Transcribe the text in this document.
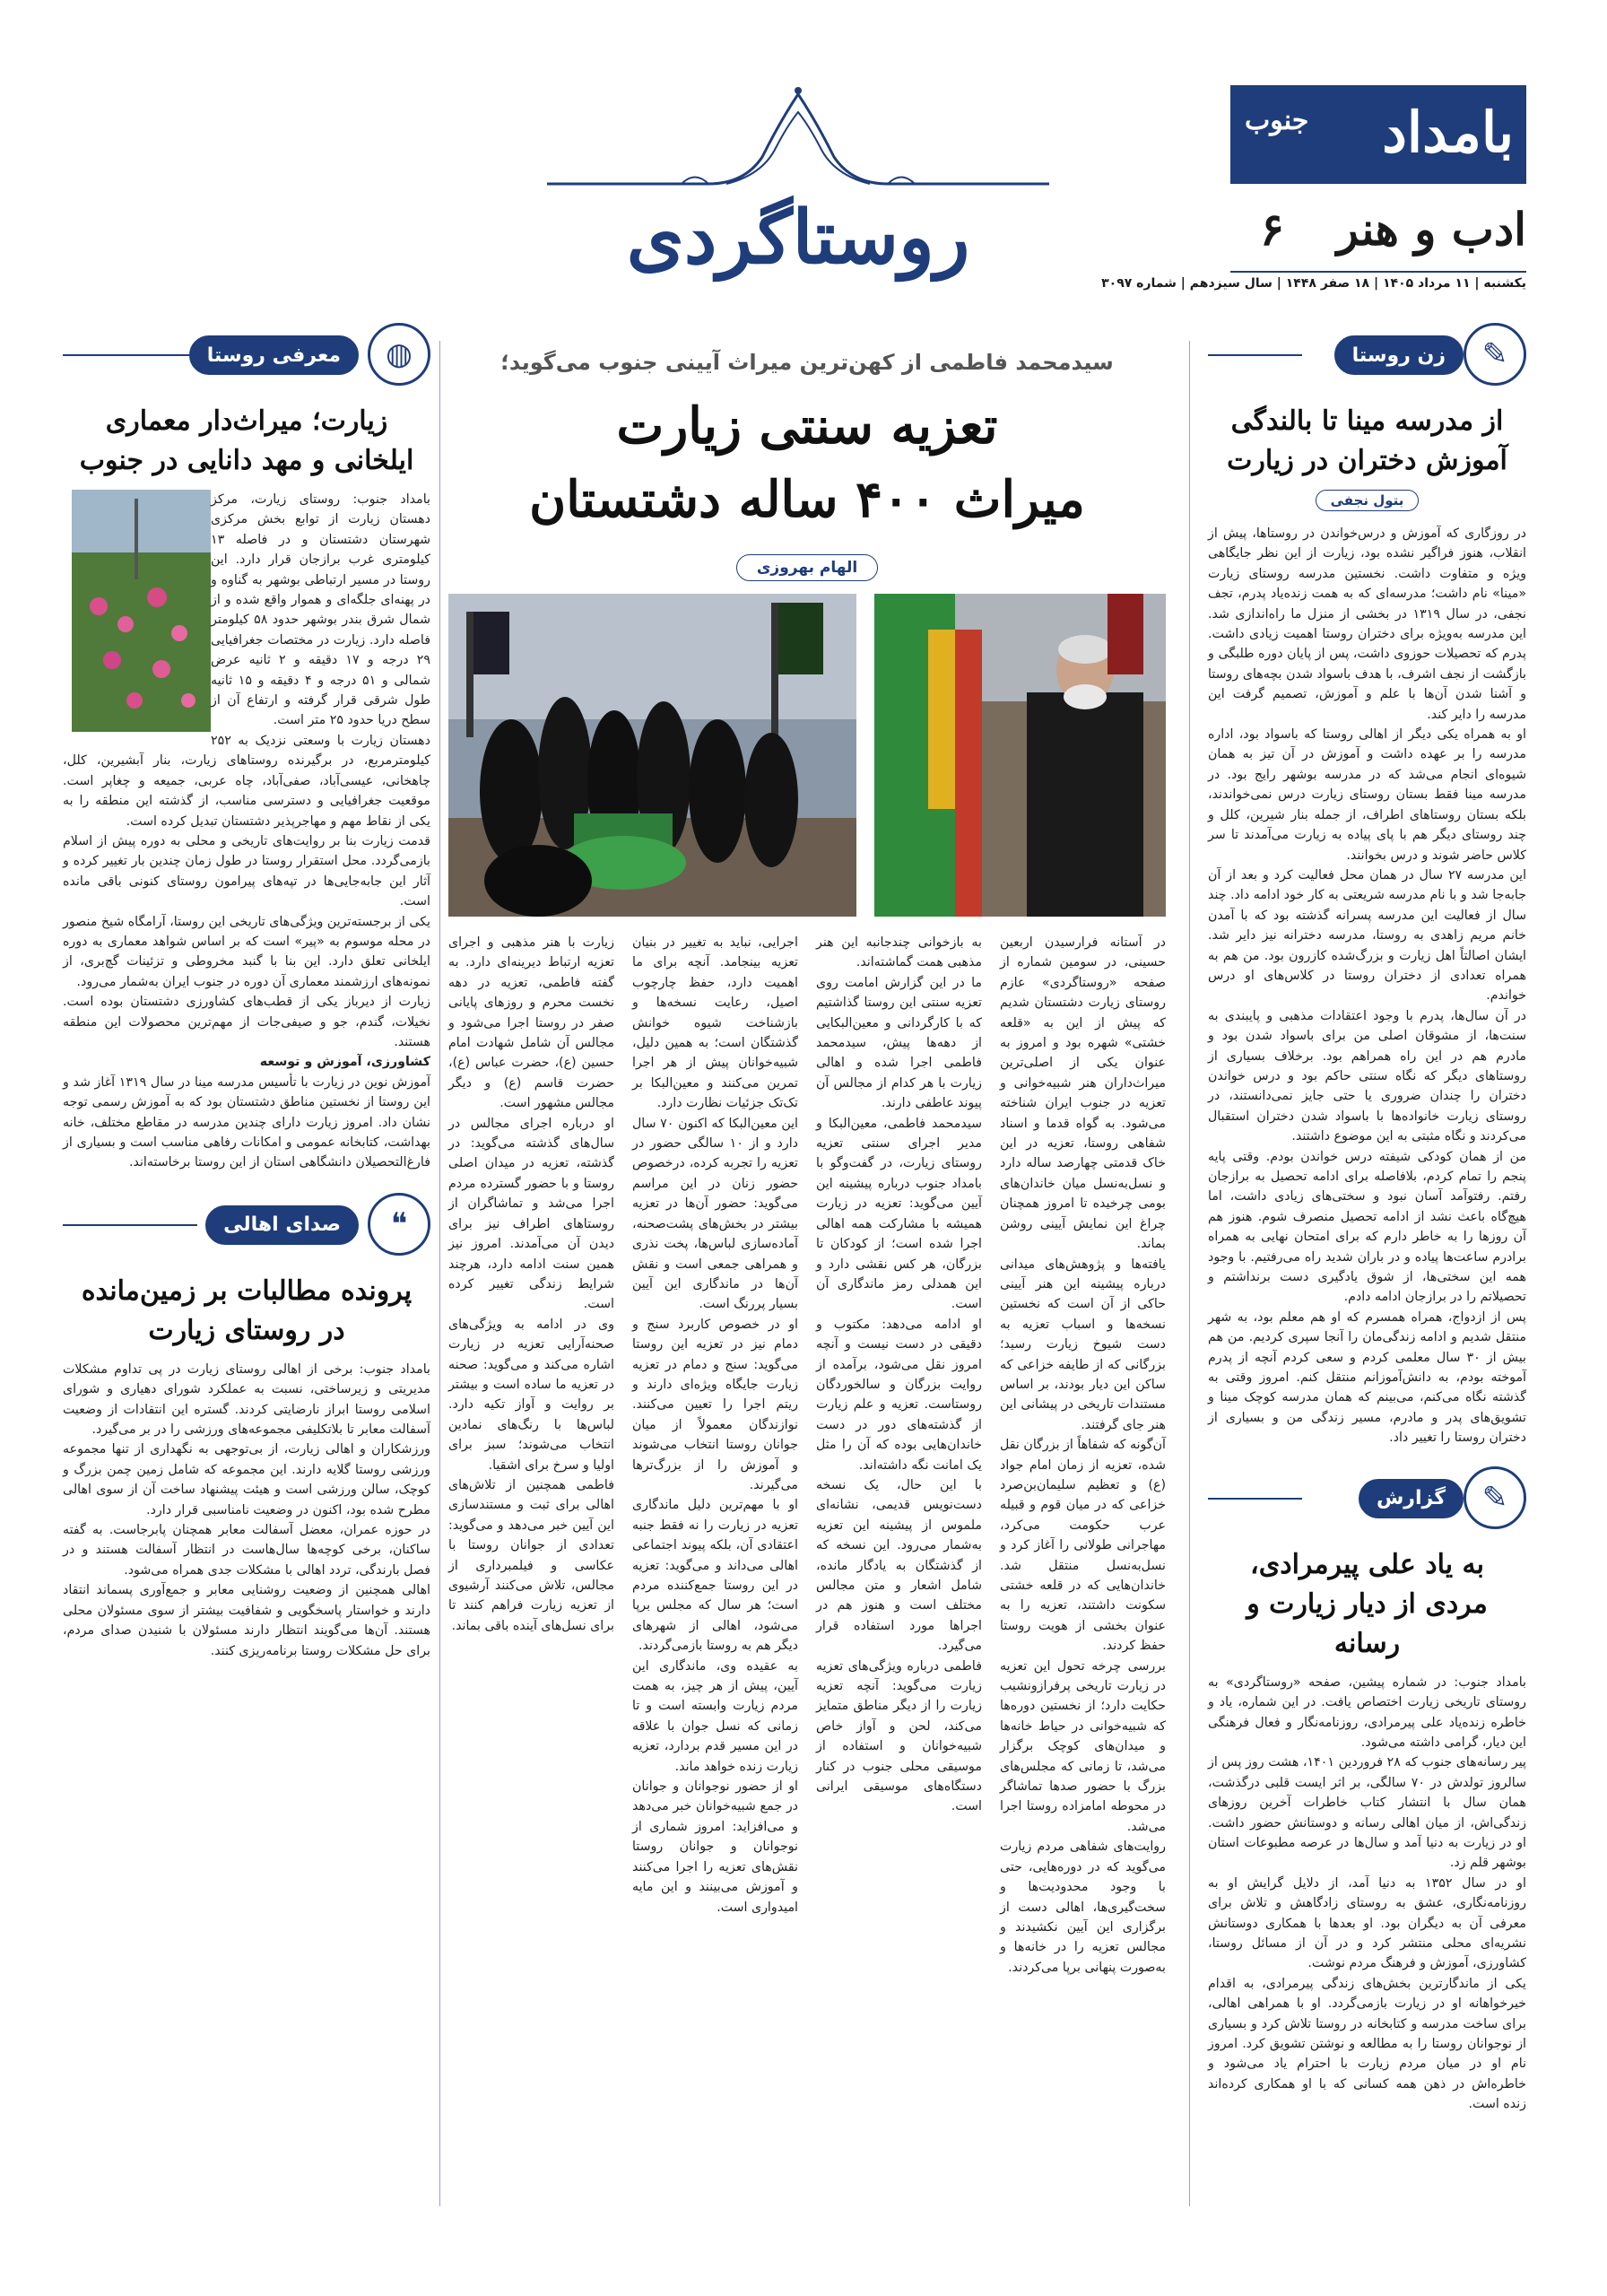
بامداد
جنوب
ادب و هنر
۶
یکشنبه | ۱۱ مرداد ۱۴۰۵ | ۱۸ صفر ۱۴۴۸ | سال سیزدهم | شماره ۳۰۹۷
روستاگردی
زن روستا	✎
از مدرسه مینا تا بالندگی آموزش دختران در زیارت
بتول نجفی

در روزگاری که آموزش و درس‌خواندن در روستاها، پیش از انقلاب، هنوز فراگیر نشده بود، زیارت از این نظر جایگاهی ویژه و متفاوت داشت. نخستین مدرسه روستای زیارت «مینا» نام داشت؛ مدرسه‌ای که به همت زنده‌یاد پدرم، تجف نجفی، در سال ۱۳۱۹ در بخشی از منزل ما راه‌اندازی شد. این مدرسه به‌ویژه برای دختران روستا اهمیت زیادی داشت. پدرم که تحصیلات حوزوی داشت، پس از پایان دوره طلبگی و بازگشت از نجف اشرف، با هدف باسواد شدن بچه‌های روستا و آشنا شدن آن‌ها با علم و آموزش، تصمیم گرفت این مدرسه را دایر کند.

او به همراه یکی دیگر از اهالی روستا که باسواد بود، اداره مدرسه را بر عهده داشت و آموزش در آن تیز به همان شیوه‌ای انجام می‌شد که در مدرسه بوشهر رایج بود. در مدرسه مینا فقط بستان روستای زیارت درس نمی‌خواندند، بلکه بستان روستاهای اطراف، از جمله بنار شیرین، کلل و چند روستای دیگر هم با پای پیاده به زیارت می‌آمدند تا سر کلاس حاضر شوند و درس بخوانند.

این مدرسه ۲۷ سال در همان محل فعالیت کرد و بعد از آن جابه‌جا شد و با نام مدرسه شریعتی به کار خود ادامه داد. چند سال از فعالیت این مدرسه پسرانه گذشته بود که با آمدن خانم مریم زاهدی به روستا، مدرسه دخترانه نیز دایر شد. ایشان اصالتاً اهل زیارت و بزرگ‌شده کازرون بود. من هم به همراه تعدادی از دختران روستا در کلاس‌های او درس خواندم.

در آن سال‌ها، پدرم با وجود اعتقادات مذهبی و پایبندی به سنت‌ها، از مشوقان اصلی من برای باسواد شدن بود و مادرم هم در این راه همراهم بود. برخلاف بسیاری از روستاهای دیگر که نگاه سنتی حاکم بود و درس خواندن دختران را چندان ضروری یا حتی جایز نمی‌دانستند، در روستای زیارت خانواده‌ها با باسواد شدن دختران استقبال می‌کردند و نگاه مثبتی به این موضوع داشتند.

من از همان کودکی شیفته درس خواندن بودم. وقتی پایه پنجم را تمام کردم، بلافاصله برای ادامه تحصیل به برازجان رفتم. رفتوآمد آسان نبود و سختی‌های زیادی داشت، اما هیچ‌گاه باعث نشد از ادامه تحصیل منصرف شوم. هنوز هم آن روزها را به خاطر دارم که برای امتحان نهایی به همراه برادرم ساعت‌ها پیاده و در باران شدید راه می‌رفتیم. با وجود همه این سختی‌ها، از شوق یادگیری دست برنداشتم و تحصیلاتم را در برازجان ادامه دادم.

پس از ازدواج، همراه همسرم که او هم معلم بود، به شهر منتقل شدیم و ادامه زندگی‌مان را آنجا سپری کردیم. من هم بیش از ۳۰ سال معلمی کردم و سعی کردم آنچه از پدرم آموخته بودم، به دانش‌آموزانم منتقل کنم. امروز وقتی به گذشته نگاه می‌کنم، می‌بینم که همان مدرسه کوچک مینا و تشویق‌های پدر و مادرم، مسیر زندگی من و بسیاری از دختران روستا را تغییر داد.

گزارش	✎
به یاد علی پیرمرادی، مردی از دیار زیارت و رسانه

بامداد جنوب: در شماره پیشین، صفحه «روستاگردی» به روستای تاریخی زیارت اختصاص یافت. در این شماره، یاد و خاطره زنده‌یاد علی پیرمرادی، روزنامه‌نگار و فعال فرهنگی این دیار، گرامی داشته می‌شود.

پیر رسانه‌های جنوب که ۲۸ فروردین ۱۴۰۱، هشت روز پس از سالروز تولدش در ۷۰ سالگی، بر اثر ایست قلبی درگذشت، همان سال با انتشار کتاب خاطرات آخرین روزهای زندگی‌اش، از میان اهالی رسانه و دوستانش حضور داشت. او در زیارت به دنیا آمد و سال‌ها در عرصه مطبوعات استان بوشهر قلم زد.

او در سال ۱۳۵۲ به دنیا آمد، از دلایل گرایش او به روزنامه‌نگاری، عشق به روستای زادگاهش و تلاش برای معرفی آن به دیگران بود. او بعدها با همکاری دوستانش نشریه‌ای محلی منتشر کرد و در آن از مسائل روستا، کشاورزی، آموزش و فرهنگ مردم نوشت.

یکی از ماندگارترین بخش‌های زندگی پیرمرادی، به اقدام خیرخواهانه او در زیارت بازمی‌گردد. او با همراهی اهالی، برای ساخت مدرسه و کتابخانه در روستا تلاش کرد و بسیاری از نوجوانان روستا را به مطالعه و نوشتن تشویق کرد. امروز نام او در میان مردم زیارت با احترام یاد می‌شود و خاطره‌اش در ذهن همه کسانی که با او همکاری کرده‌اند زنده است.

سیدمحمد فاطمی از کهن‌ترین میراث آیینی جنوب می‌گوید؛
تعزیه سنتی زیارت
میراث ۴۰۰ ساله دشتستان
الهام بهروزی

در آستانه فرارسیدن اربعین حسینی، در سومین شماره از صفحه «روستاگردی» عازم روستای زیارت دشتستان شدیم که پیش از این به «قلعه خشتی» شهره بود و امروز به عنوان یکی از اصلی‌ترین میراث‌داران هنر شبیه‌خوانی و تعزیه در جنوب ایران شناخته می‌شود. به گواه قدما و اسناد شفاهی روستا، تعزیه در این خاک قدمتی چهارصد ساله دارد و نسل‌به‌نسل میان خاندان‌های بومی چرخیده تا امروز همچنان چراغ این نمایش آیینی روشن بماند.

یافته‌ها و پژوهش‌های میدانی درباره پیشینه این هنر آیینی حاکی از آن است که نخستین نسخه‌ها و اسباب تعزیه به دست شیوخ زیارت رسید؛ بزرگانی که از طایفه خزاعی که ساکن این دیار بودند، بر اساس مستندات تاریخی در پیشانی این هنر جای گرفتند.

آن‌گونه که شفاهاً از بزرگان نقل شده، تعزیه از زمان امام جواد (ع) و تعظیم سلیمان‌بن‌صرد خزاعی که در میان قوم و قبیله عرب حکومت می‌کرد، مهاجرانی طولانی را آغاز کرد و نسل‌به‌نسل منتقل شد. خاندان‌هایی که در قلعه خشتی سکونت داشتند، تعزیه را به عنوان بخشی از هویت روستا حفظ کردند.

بررسی چرخه تحول این تعزیه در زیارت تاریخی پرفرازونشیب حکایت دارد؛ از نخستین دوره‌ها که شبیه‌خوانی در حیاط خانه‌ها و میدان‌های کوچک برگزار می‌شد، تا زمانی که مجلس‌های بزرگ با حضور صدها تماشاگر در محوطه امامزاده روستا اجرا می‌شد.

روایت‌های شفاهی مردم زیارت می‌گوید که در دوره‌هایی، حتی با وجود محدودیت‌ها و سخت‌گیری‌ها، اهالی دست از برگزاری این آیین نکشیدند و مجالس تعزیه را در خانه‌ها و به‌صورت پنهانی برپا می‌کردند.

به بازخوانی چندجانبه این هنر مذهبی همت گماشته‌اند.

ما در این گزارش امامت روی تعزیه سنتی این روستا گذاشتیم که با کارگردانی و معین‌البکایی از دهه‌ها پیش، سیدمحمد فاطمی اجرا شده و اهالی زیارت با هر کدام از مجالس آن پیوند عاطفی دارند.

سیدمحمد فاطمی، معین‌البکا و مدیر اجرای سنتی تعزیه روستای زیارت، در گفت‌وگو با بامداد جنوب درباره پیشینه این آیین می‌گوید: تعزیه در زیارت همیشه با مشارکت همه اهالی اجرا شده است؛ از کودکان تا بزرگان، هر کس نقشی دارد و این همدلی رمز ماندگاری آن است.

او ادامه می‌دهد: مکتوب و دقیقی در دست نیست و آنچه امروز نقل می‌شود، برآمده از روایت بزرگان و سالخوردگان روستاست. تعزیه و علم زیارت از گذشته‌های دور در دست خاندان‌هایی بوده که آن را مثل یک امانت نگه داشته‌اند.

با این حال، یک نسخه دست‌نویس قدیمی، نشانه‌ای ملموس از پیشینه این تعزیه به‌شمار می‌رود. این نسخه که از گذشتگان به یادگار مانده، شامل اشعار و متن مجالس مختلف است و هنوز هم در اجراها مورد استفاده قرار می‌گیرد.

فاطمی درباره ویژگی‌های تعزیه زیارت می‌گوید: آنچه تعزیه زیارت را از دیگر مناطق متمایز می‌کند، لحن و آواز خاص شبیه‌خوانان و استفاده از موسیقی محلی جنوب در کنار دستگاه‌های موسیقی ایرانی است.

اجرایی، نباید به تغییر در بنیان تعزیه بینجامد. آنچه برای ما اهمیت دارد، حفظ چارچوب اصیل، رعایت نسخه‌ها و بازشناخت شیوه خوانش گذشتگان است؛ به همین دلیل، شبیه‌خوانان پیش از هر اجرا تمرین می‌کنند و معین‌البکا بر تک‌تک جزئیات نظارت دارد.

این معین‌البکا که اکنون ۷۰ سال دارد و از ۱۰ سالگی حضور در تعزیه را تجربه کرده، درخصوص حضور زنان در این مراسم می‌گوید: حضور آن‌ها در تعزیه بیشتر در بخش‌های پشت‌صحنه، آماده‌سازی لباس‌ها، پخت نذری و همراهی جمعی است و نقش آن‌ها در ماندگاری این آیین بسیار پررنگ است.

او در خصوص کاربرد سنج و دمام نیز در تعزیه این روستا می‌گوید: سنج و دمام در تعزیه زیارت جایگاه ویژه‌ای دارند و ریتم اجرا را تعیین می‌کنند. نوازندگان معمولاً از میان جوانان روستا انتخاب می‌شوند و آموزش را از بزرگ‌ترها می‌گیرند.

او با مهم‌ترین دلیل ماندگاری تعزیه در زیارت را نه فقط جنبه اعتقادی آن، بلکه پیوند اجتماعی اهالی می‌داند و می‌گوید: تعزیه در این روستا جمع‌کننده مردم است؛ هر سال که مجلس برپا می‌شود، اهالی از شهرهای دیگر هم به روستا بازمی‌گردند.

به عقیده وی، ماندگاری این آیین، پیش از هر چیز، به همت مردم زیارت وابسته است و تا زمانی که نسل جوان با علاقه در این مسیر قدم بردارد، تعزیه زیارت زنده خواهد ماند.

او از حضور نوجوانان و جوانان در جمع شبیه‌خوانان خبر می‌دهد و می‌افزاید: امروز شماری از نوجوانان و جوانان روستا نقش‌های تعزیه را اجرا می‌کنند و آموزش می‌بینند و این مایه امیدواری است.

زیارت با هنر مذهبی و اجرای تعزیه ارتباط دیرینه‌ای دارد. به گفته فاطمی، تعزیه در دهه نخست محرم و روزهای پایانی صفر در روستا اجرا می‌شود و مجالس آن شامل شهادت امام حسین (ع)، حضرت عباس (ع)، حضرت قاسم (ع) و دیگر مجالس مشهور است.

او درباره اجرای مجالس در سال‌های گذشته می‌گوید: در گذشته، تعزیه در میدان اصلی روستا و با حضور گسترده مردم اجرا می‌شد و تماشاگران از روستاهای اطراف نیز برای دیدن آن می‌آمدند. امروز نیز همین سنت ادامه دارد، هرچند شرایط زندگی تغییر کرده است.

وی در ادامه به ویژگی‌های صحنه‌آرایی تعزیه در زیارت اشاره می‌کند و می‌گوید: صحنه در تعزیه ما ساده است و بیشتر بر روایت و آواز تکیه دارد. لباس‌ها با رنگ‌های نمادین انتخاب می‌شوند؛ سبز برای اولیا و سرخ برای اشقیا.

فاطمی همچنین از تلاش‌های اهالی برای ثبت و مستندسازی این آیین خبر می‌دهد و می‌گوید: تعدادی از جوانان روستا با عکاسی و فیلمبرداری از مجالس، تلاش می‌کنند آرشیوی از تعزیه زیارت فراهم کنند تا برای نسل‌های آینده باقی بماند.

معرفی روستا	◍
زیارت؛ میراث‌دار معماری ایلخانی و مهد دانایی در جنوب

بامداد جنوب: روستای زیارت، مرکز دهستان زیارت از توابع بخش مرکزی شهرستان دشتستان و در فاصله ۱۳ کیلومتری غرب برازجان قرار دارد. این روستا در مسیر ارتباطی بوشهر به گناوه و در پهنه‌ای جلگه‌ای و هموار واقع شده و از شمال شرق بندر بوشهر حدود ۵۸ کیلومتر فاصله دارد. زیارت در مختصات جغرافیایی ۲۹ درجه و ۱۷ دقیقه و ۲ ثانیه عرض شمالی و ۵۱ درجه و ۴ دقیقه و ۱۵ ثانیه طول شرقی قرار گرفته و ارتفاع آن از سطح دریا حدود ۲۵ متر است.

دهستان زیارت با وسعتی نزدیک به ۲۵۲ کیلومترمربع، در برگیرنده روستاهای زیارت، بنار آبشیرین، کلل، چاهخانی، عیسی‌آباد، صفی‌آباد، چاه عربی، جمیعه و چغاپر است. موقعیت جغرافیایی و دسترسی مناسب، از گذشته این منطقه را به یکی از نقاط مهم و مهاجرپذیر دشتستان تبدیل کرده است.

قدمت زیارت بنا بر روایت‌های تاریخی و محلی به دوره پیش از اسلام بازمی‌گردد. محل استقرار روستا در طول زمان چندین بار تغییر کرده و آثار این جابه‌جایی‌ها در تپه‌های پیرامون روستای کنونی باقی مانده است.

یکی از برجسته‌ترین ویژگی‌های تاریخی این روستا، آرامگاه شیخ منصور در محله موسوم به «پیر» است که بر اساس شواهد معماری به دوره ایلخانی تعلق دارد. این بنا با گنبد مخروطی و تزئینات گچ‌بری، از نمونه‌های ارزشمند معماری آن دوره در جنوب ایران به‌شمار می‌رود.

زیارت از دیرباز یکی از قطب‌های کشاورزی دشتستان بوده است. نخیلات، گندم، جو و صیفی‌جات از مهم‌ترین محصولات این منطقه هستند.

کشاورزی، آموزش و توسعه

آموزش نوین در زیارت با تأسیس مدرسه مینا در سال ۱۳۱۹ آغاز شد و این روستا از نخستین مناطق دشتستان بود که به آموزش رسمی توجه نشان داد. امروز زیارت دارای چندین مدرسه در مقاطع مختلف، خانه بهداشت، کتابخانه عمومی و امکانات رفاهی مناسب است و بسیاری از فارغ‌التحصیلان دانشگاهی استان از این روستا برخاسته‌اند.

صدای اهالی	❝
پرونده مطالبات بر زمین‌مانده در روستای زیارت

بامداد جنوب: برخی از اهالی روستای زیارت در پی تداوم مشکلات مدیریتی و زیرساختی، نسبت به عملکرد شورای دهیاری و شورای اسلامی روستا ابراز نارضایتی کردند. گستره این انتقادات از وضعیت آسفالت معابر تا بلاتکلیفی مجموعه‌های ورزشی را در بر می‌گیرد.

ورزشکاران و اهالی زیارت، از بی‌توجهی به نگهداری از تنها مجموعه ورزشی روستا گلایه دارند. این مجموعه که شامل زمین چمن بزرگ و کوچک، سالن ورزشی است و هیئت پیشنهاد ساخت آن از سوی اهالی مطرح شده بود، اکنون در وضعیت نامناسبی قرار دارد.

در حوزه عمران، معضل آسفالت معابر همچنان پابرجاست. به گفته ساکنان، برخی کوچه‌ها سال‌هاست در انتظار آسفالت هستند و در فصل بارندگی، تردد اهالی با مشکلات جدی همراه می‌شود.

اهالی همچنین از وضعیت روشنایی معابر و جمع‌آوری پسماند انتقاد دارند و خواستار پاسخگویی و شفافیت بیشتر از سوی مسئولان محلی هستند. آن‌ها می‌گویند انتظار دارند مسئولان با شنیدن صدای مردم، برای حل مشکلات روستا برنامه‌ریزی کنند.
